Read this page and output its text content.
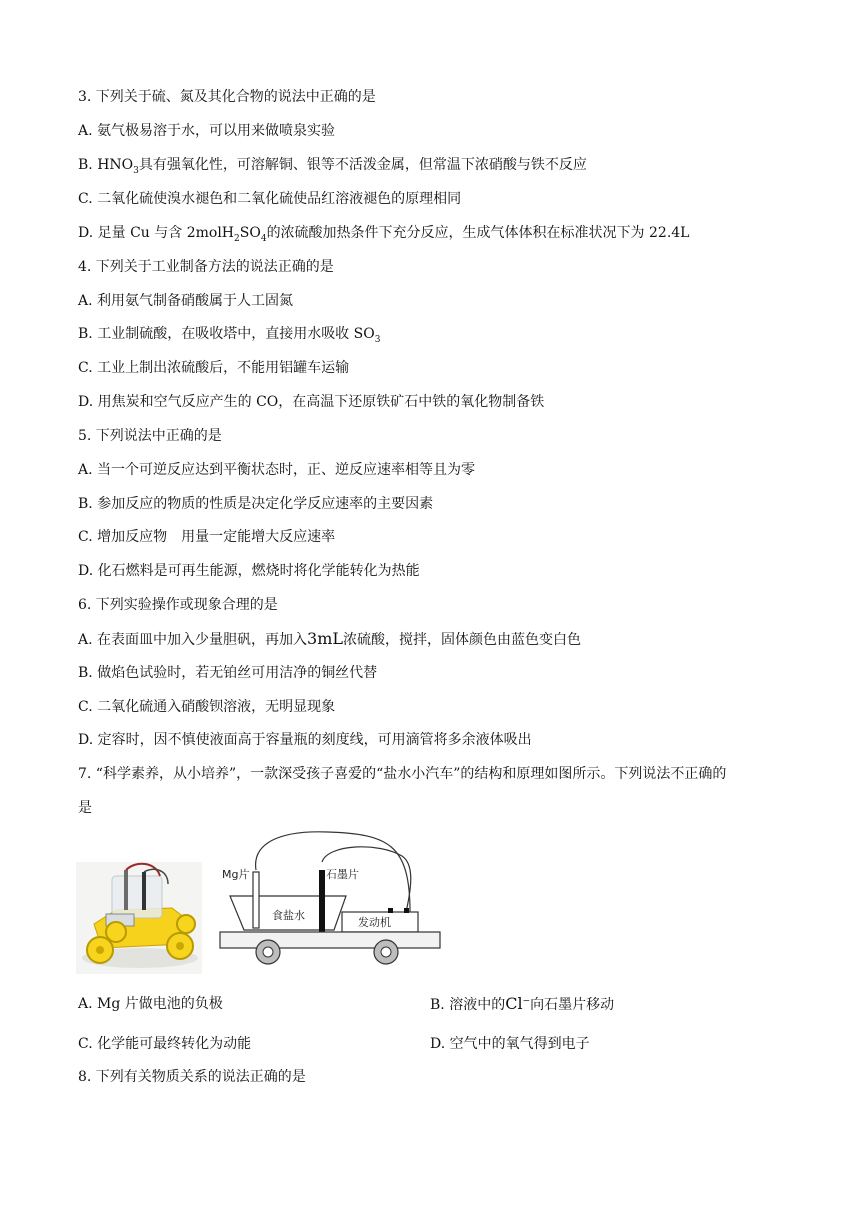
3. 下列关于硫、氮及其化合物的说法中正确的是
A. 氨气极易溶于水，可以用来做喷泉实验
B. $HNO_3$具有强氧化性，可溶解铜、银等不活泼金属，但常温下浓硝酸与铁不反应
C. 二氧化硫使溴水褪色和二氧化硫使品红溶液褪色的原理相同
D. 足量 Cu 与含 $2molH_2SO_4$的浓硫酸加热条件下充分反应，生成气体体积在标准状况下为 22.4L
4. 下列关于工业制备方法的说法正确的是
A. 利用氨气制备硝酸属于人工固氮
B. 工业制硫酸，在吸收塔中，直接用水吸收 $SO_3$
C. 工业上制出浓硫酸后，不能用铝罐车运输
D. 用焦炭和空气反应产生的 CO，在高温下还原铁矿石中铁的氧化物制备铁
5. 下列说法中正确的是
A. 当一个可逆反应达到平衡状态时，正、逆反应速率相等且为零
B. 参加反应的物质的性质是决定化学反应速率的主要因素
C. 增加反应物　用量一定能增大反应速率
D. 化石燃料是可再生能源，燃烧时将化学能转化为热能
6. 下列实验操作或现象合理的是
A. 在表面皿中加入少量胆矾，再加入3mL浓硫酸，搅拌，固体颜色由蓝色变白色
B. 做焰色试验时，若无铂丝可用洁净的铜丝代替
C. 二氧化硫通入硝酸钡溶液，无明显现象
D. 定容时，因不慎使液面高于容量瓶的刻度线，可用滴管将多余液体吸出
7. “科学素养，从小培养”，一款深受孩子喜爱的“盐水小汽车”的结构和原理如图所示。下列说法不正确的
是
Mg片	石墨片
食盐水
发动机
A. Mg 片做电池的负极	B. 溶液中的Cl−向石墨片移动
C. 化学能可最终转化为动能	D. 空气中的氧气得到电子
8. 下列有关物质关系的说法正确的是
